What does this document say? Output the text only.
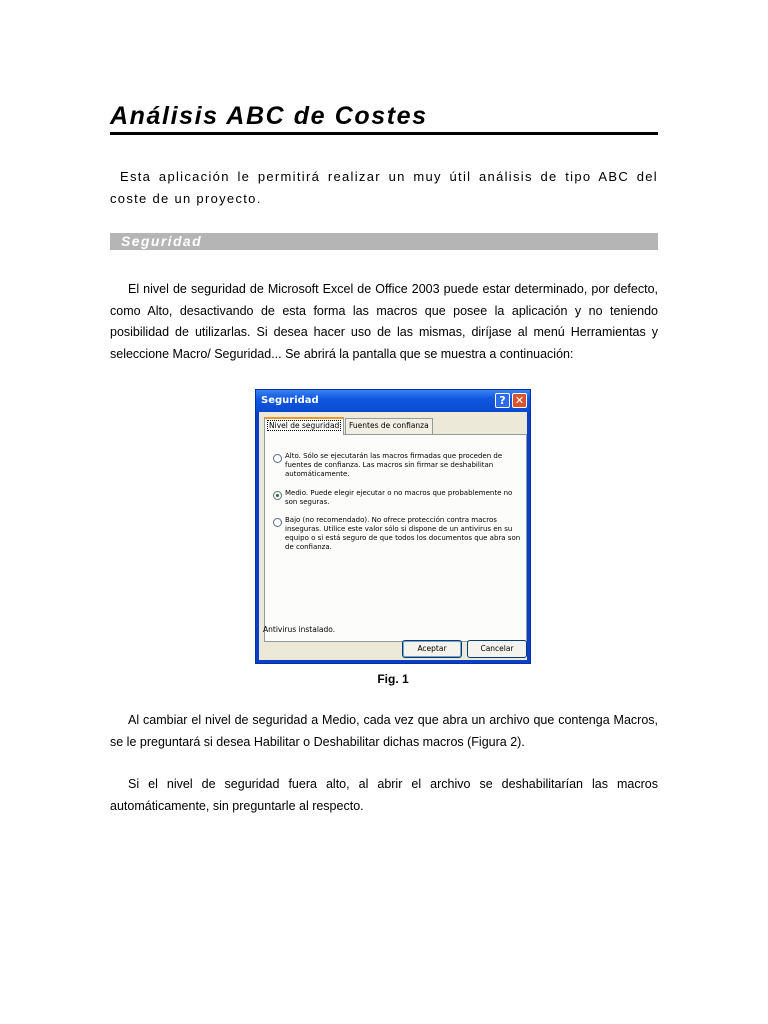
Análisis ABC de Costes

Esta aplicación le permitirá realizar un muy útil análisis de tipo ABC del coste de un proyecto.

Seguridad

El nivel de seguridad de Microsoft Excel de Office 2003 puede estar determinado, por defecto, como Alto, desactivando de esta forma las macros que posee la aplicación y no teniendo posibilidad de utilizarlas. Si desea hacer uso de las mismas, diríjase al menú Herramientas y seleccione Macro/ Seguridad... Se abrirá la pantalla que se muestra a continuación:

Seguridad	? ✕
Nivel de seguridad	Fuentes de confianza
Alto. Sólo se ejecutarán las macros firmadas que proceden de fuentes de confianza. Las macros sin firmar se deshabilitan automáticamente.
Medio. Puede elegir ejecutar o no macros que probablemente no son seguras.
Bajo (no recomendado). No ofrece protección contra macros inseguras. Utilice este valor sólo si dispone de un antivirus en su equipo o si está seguro de que todos los documentos que abra son de confianza.
Antivirus instalado.
Aceptar	Cancelar
Fig. 1

Al cambiar el nivel de seguridad a Medio, cada vez que abra un archivo que contenga Macros, se le preguntará si desea Habilitar o Deshabilitar dichas macros (Figura 2).

Si el nivel de seguridad fuera alto, al abrir el archivo se deshabilitarían las macros automáticamente, sin preguntarle al respecto.
